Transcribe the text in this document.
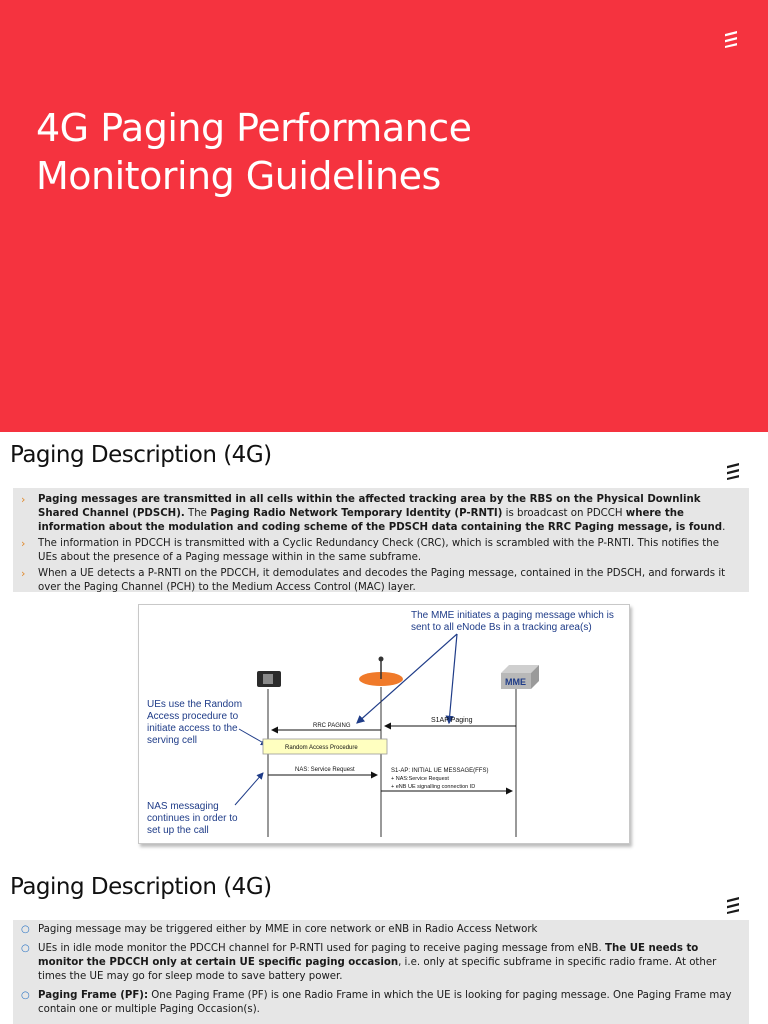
4G Paging Performance
Monitoring Guidelines
Paging Description (4G)
›	Paging messages are transmitted in all cells within the affected tracking area by the RBS on the Physical Downlink Shared Channel (PDSCH). The Paging Radio Network Temporary Identity (P-RNTI) is broadcast on PDCCH where the information about the modulation and coding scheme of the PDSCH data containing the RRC Paging message, is found.
›	The information in PDCCH is transmitted with a Cyclic Redundancy Check (CRC), which is scrambled with the P-RNTI. This notifies the UEs about the presence of a Paging message within in the same subframe.
›	When a UE detects a P-RNTI on the PDCCH, it demodulates and decodes the Paging message, contained in the PDSCH, and forwards it over the Paging Channel (PCH) to the Medium Access Control (MAC) layer.
The MME initiates a paging message which is
sent to all eNode Bs in a tracking area(s)
MME
UEs use the Random
Access procedure to
initiate access to the
serving cell
S1AP Paging
RRC PAGING
Random Access Procedure
NAS: Service Request	S1-AP: INITIAL UE MESSAGE(FFS)
+ NAS:Service Request
+ eNB UE signalling connection ID
NAS messaging
continues in order to
set up the call
Paging Description (4G)
○ Paging message may be triggered either by MME in core network or eNB in Radio Access Network
○ UEs in idle mode monitor the PDCCH channel for P-RNTI used for paging to receive paging message from eNB. The UE needs to monitor the PDCCH only at certain UE specific paging occasion, i.e. only at specific subframe in specific radio frame. At other times the UE may go for sleep mode to save battery power.
○ Paging Frame (PF): One Paging Frame (PF) is one Radio Frame in which the UE is looking for paging message. One Paging Frame may contain one or multiple Paging Occasion(s).
